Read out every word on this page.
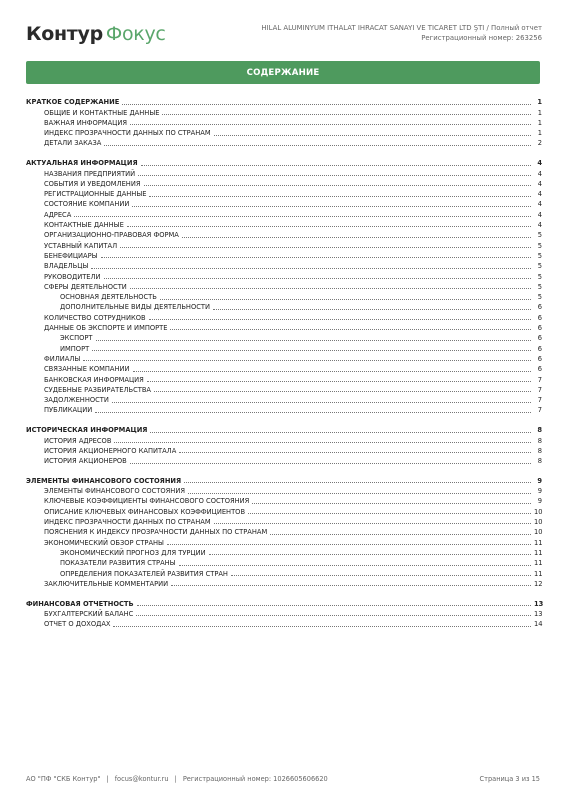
Контур Фокус	HILAL ALUMINYUM ITHALAT IHRACAT SANAYI VE TICARET LTD ŞTI / Полный отчет
Регистрационный номер: 263256
СОДЕРЖАНИЕ
КРАТКОЕ СОДЕРЖАНИЕ	1
ОБЩИЕ И КОНТАКТНЫЕ ДАННЫЕ	1
ВАЖНАЯ ИНФОРМАЦИЯ	1
ИНДЕКС ПРОЗРАЧНОСТИ ДАННЫХ ПО СТРАНАМ	1
ДЕТАЛИ ЗАКАЗА	2
АКТУАЛЬНАЯ ИНФОРМАЦИЯ	4
НАЗВАНИЯ ПРЕДПРИЯТИЙ	4
СОБЫТИЯ И УВЕДОМЛЕНИЯ	4
РЕГИСТРАЦИОННЫЕ ДАННЫЕ	4
СОСТОЯНИЕ КОМПАНИИ	4
АДРЕСА	4
КОНТАКТНЫЕ ДАННЫЕ	4
ОРГАНИЗАЦИОННО-ПРАВОВАЯ ФОРМА	5
УСТАВНЫЙ КАПИТАЛ	5
БЕНЕФИЦИАРЫ	5
ВЛАДЕЛЬЦЫ	5
РУКОВОДИТЕЛИ	5
СФЕРЫ ДЕЯТЕЛЬНОСТИ	5
ОСНОВНАЯ ДЕЯТЕЛЬНОСТЬ	5
ДОПОЛНИТЕЛЬНЫЕ ВИДЫ ДЕЯТЕЛЬНОСТИ	6
КОЛИЧЕСТВО СОТРУДНИКОВ	6
ДАННЫЕ ОБ ЭКСПОРТЕ И ИМПОРТЕ	6
ЭКСПОРТ	6
ИМПОРТ	6
ФИЛИАЛЫ	6
СВЯЗАННЫЕ КОМПАНИИ	6
БАНКОВСКАЯ ИНФОРМАЦИЯ	7
СУДЕБНЫЕ РАЗБИРАТЕЛЬСТВА	7
ЗАДОЛЖЕННОСТИ	7
ПУБЛИКАЦИИ	7
ИСТОРИЧЕСКАЯ ИНФОРМАЦИЯ	8
ИСТОРИЯ АДРЕСОВ	8
ИСТОРИЯ АКЦИОНЕРНОГО КАПИТАЛА	8
ИСТОРИЯ АКЦИОНЕРОВ	8
ЭЛЕМЕНТЫ ФИНАНСОВОГО СОСТОЯНИЯ	9
ЭЛЕМЕНТЫ ФИНАНСОВОГО СОСТОЯНИЯ	9
КЛЮЧЕВЫЕ КОЭФФИЦИЕНТЫ ФИНАНСОВОГО СОСТОЯНИЯ	9
ОПИСАНИЕ КЛЮЧЕВЫХ ФИНАНСОВЫХ КОЭФФИЦИЕНТОВ	10
ИНДЕКС ПРОЗРАЧНОСТИ ДАННЫХ ПО СТРАНАМ	10
ПОЯСНЕНИЯ К ИНДЕКСУ ПРОЗРАЧНОСТИ ДАННЫХ ПО СТРАНАМ	10
ЭКОНОМИЧЕСКИЙ ОБЗОР СТРАНЫ	11
ЭКОНОМИЧЕСКИЙ ПРОГНОЗ ДЛЯ ТУРЦИИ	11
ПОКАЗАТЕЛИ РАЗВИТИЯ СТРАНЫ	11
ОПРЕДЕЛЕНИЯ ПОКАЗАТЕЛЕЙ РАЗВИТИЯ СТРАН	11
ЗАКЛЮЧИТЕЛЬНЫЕ КОММЕНТАРИИ	12
ФИНАНСОВАЯ ОТЧЕТНОСТЬ	13
БУХГАЛТЕРСКИЙ БАЛАНС	13
ОТЧЕТ О ДОХОДАХ	14
АО "ПФ "СКБ Контур" | focus@kontur.ru | Регистрационный номер: 1026605606620	Страница 3 из 15
